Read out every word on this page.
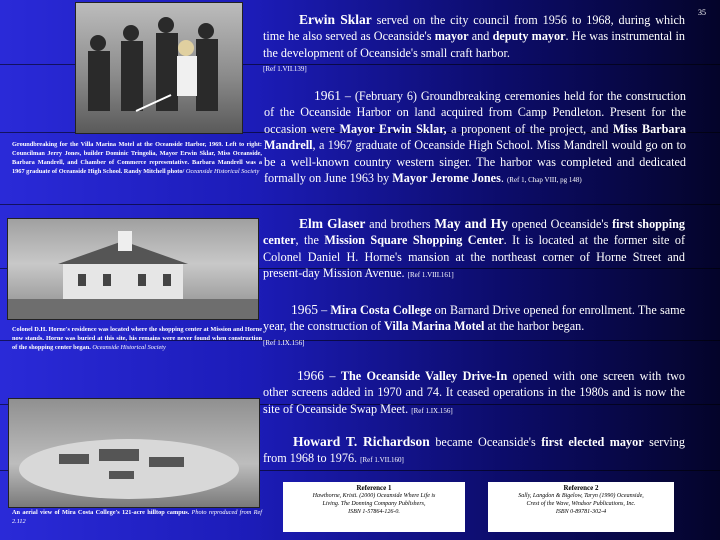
35
Groundbreaking for the Villa Marina Motel at the Oceanside Harbor, 1969. Left to right: Councilman Jerry Jones, builder Dominic Tringolia, Mayor Erwin Sklar, Miss Oceanside, Barbara Mandrell, and Chamber of Commerce representative. Barbara Mandrell was a 1967 graduate of Oceanside High School. Randy Mitchell photo/ Oceanside Historical Society
Colonel D.H. Horne's residence was located where the shopping center at Mission and Horne now stands. Horne was buried at this site, his remains were never found when construction of the shopping center began. Oceanside Historical Society
An aerial view of Mira Costa College's 121-acre hilltop campus. Photo reproduced from Ref 2.112
Erwin Sklar served on the city council from 1956 to 1968, during which time he also served as Oceanside's mayor and deputy mayor. He was instrumental in the development of Oceanside's small craft harbor.
[Ref 1.VII.139]
1961 – (February 6) Groundbreaking ceremonies held for the construction of the Oceanside Harbor on land acquired from Camp Pendleton. Present for the occasion were Mayor Erwin Sklar, a proponent of the project, and Miss Barbara Mandrell, a 1967 graduate of Oceanside High School. Miss Mandrell would go on to be a well-known country western singer. The harbor was completed and dedicated formally on June 1963 by Mayor Jerome Jones. (Ref 1, Chap VIII, pg 148)
Elm Glaser and brothers May and Hy opened Oceanside's first shopping center, the Mission Square Shopping Center. It is located at the former site of Colonel Daniel H. Horne's mansion at the northeast corner of Horne Street and present-day Mission Avenue. [Ref 1.VIII.161]
1965 – Mira Costa College on Barnard Drive opened for enrollment. The same year, the construction of Villa Marina Motel at the harbor began.
[Ref 1.IX.156]
1966 – The Oceanside Valley Drive-In opened with one screen with two other screens added in 1970 and 74. It ceased operations in the 1980s and is now the site of Oceanside Swap Meet. [Ref 1.IX.156]
Howard T. Richardson became Oceanside's first elected mayor serving from 1968 to 1976. [Ref 1.VII.160]
Reference 1
Hawthorne, Kristi. (2000) Oceanside Where Life is
Living. The Donning Company Publishers,
ISBN 1-57864-126-0.
Reference 2
Sally, Langdon & Bigelow, Taryn (1990) Oceanside,
Crest of the Wave, Windsor Publications, Inc.
ISBN 0-89781-302-4
